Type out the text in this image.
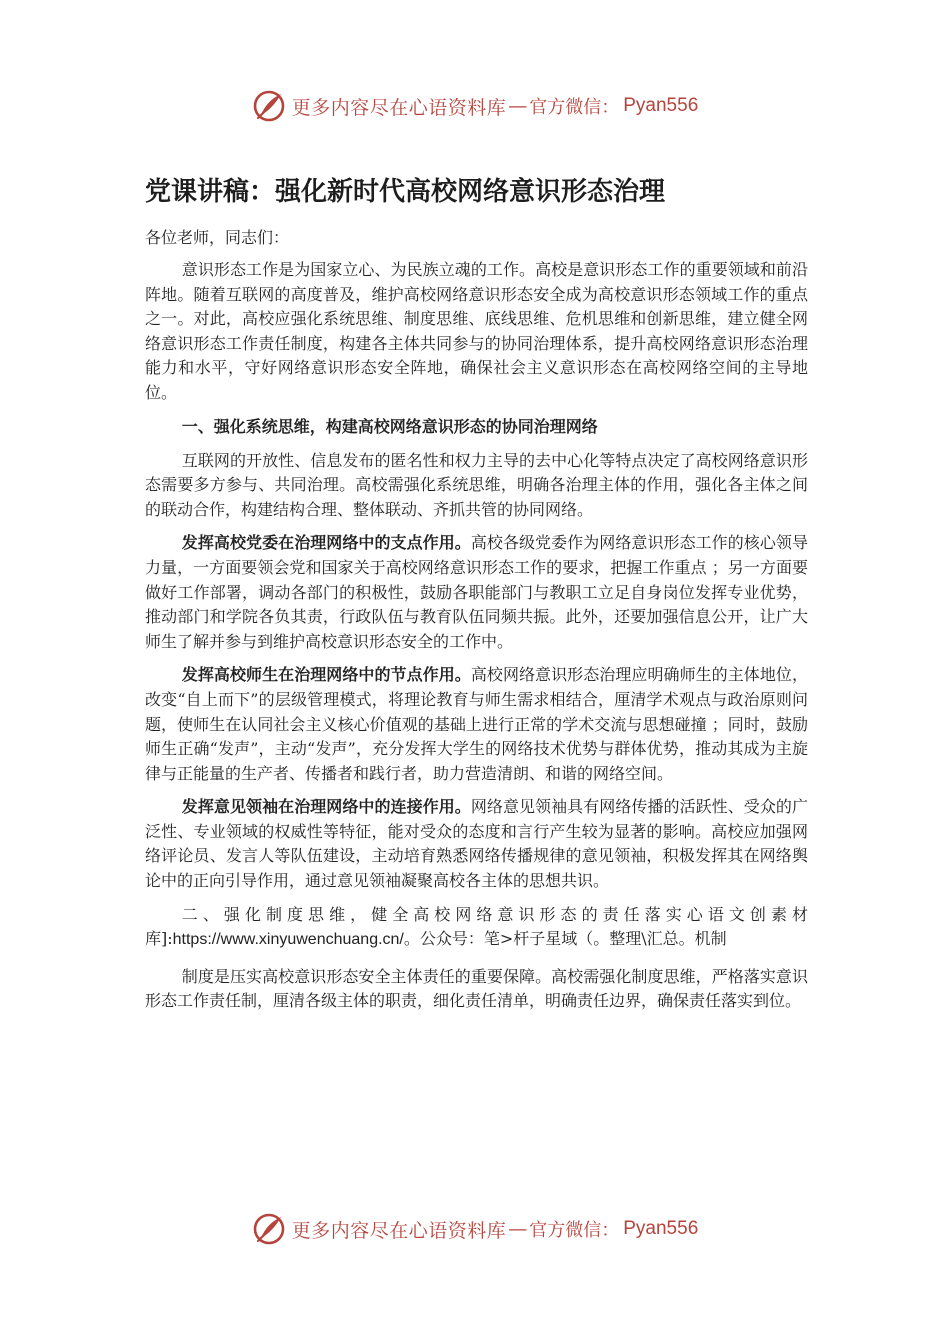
更多内容尽在心语资料库 — 官方微信： Pyan556
党课讲稿：强化新时代高校网络意识形态治理
各位老师，同志们：

意识形态工作是为国家立心、为民族立魂的工作。高校是意识形态工作的重要领域和前沿阵地。随着互联网的高度普及，维护高校网络意识形态安全成为高校意识形态领域工作的重点之一。对此，高校应强化系统思维、制度思维、底线思维、危机思维和创新思维，建立健全网络意识形态工作责任制度，构建各主体共同参与的协同治理体系，提升高校网络意识形态治理能力和水平，守好网络意识形态安全阵地，确保社会主义意识形态在高校网络空间的主导地位。

一、强化系统思维，构建高校网络意识形态的协同治理网络

互联网的开放性、信息发布的匿名性和权力主导的去中心化等特点决定了高校网络意识形态需要多方参与、共同治理。高校需强化系统思维，明确各治理主体的作用，强化各主体之间的联动合作，构建结构合理、整体联动、齐抓共管的协同网络。

发挥高校党委在治理网络中的支点作用。高校各级党委作为网络意识形态工作的核心领导力量，一方面要领会党和国家关于高校网络意识形态工作的要求，把握工作重点 ；另一方面要做好工作部署，调动各部门的积极性，鼓励各职能部门与教职工立足自身岗位发挥专业优势，推动部门和学院各负其责，行政队伍与教育队伍同频共振。此外，还要加强信息公开，让广大师生了解并参与到维护高校意识形态安全的工作中。

发挥高校师生在治理网络中的节点作用。高校网络意识形态治理应明确师生的主体地位，改变“自上而下”的层级管理模式，将理论教育与师生需求相结合，厘清学术观点与政治原则问题，使师生在认同社会主义核心价值观的基础上进行正常的学术交流与思想碰撞 ；同时，鼓励师生正确“发声”，主动“发声”，充分发挥大学生的网络技术优势与群体优势，推动其成为主旋律与正能量的生产者、传播者和践行者，助力营造清朗、和谐的网络空间。

发挥意见领袖在治理网络中的连接作用。网络意见领袖具有网络传播的活跃性、受众的广泛性、专业领域的权威性等特征，能对受众的态度和言行产生较为显著的影响。高校应加强网络评论员、发言人等队伍建设，主动培育熟悉网络传播规律的意见领袖，积极发挥其在网络舆论中的正向引导作用，通过意见领袖凝聚高校各主体的思想共识。

二、强化制度思维，健全高校网络意识形态的责任落实心语文创素材库]:https://www.xinyuwenchuang.cn/。公众号：笔>杆子星域（。整理\汇总。机制

制度是压实高校意识形态安全主体责任的重要保障。高校需强化制度思维，严格落实意识形态工作责任制，厘清各级主体的职责，细化责任清单，明确责任边界，确保责任落实到位。

更多内容尽在心语资料库 — 官方微信： Pyan556
